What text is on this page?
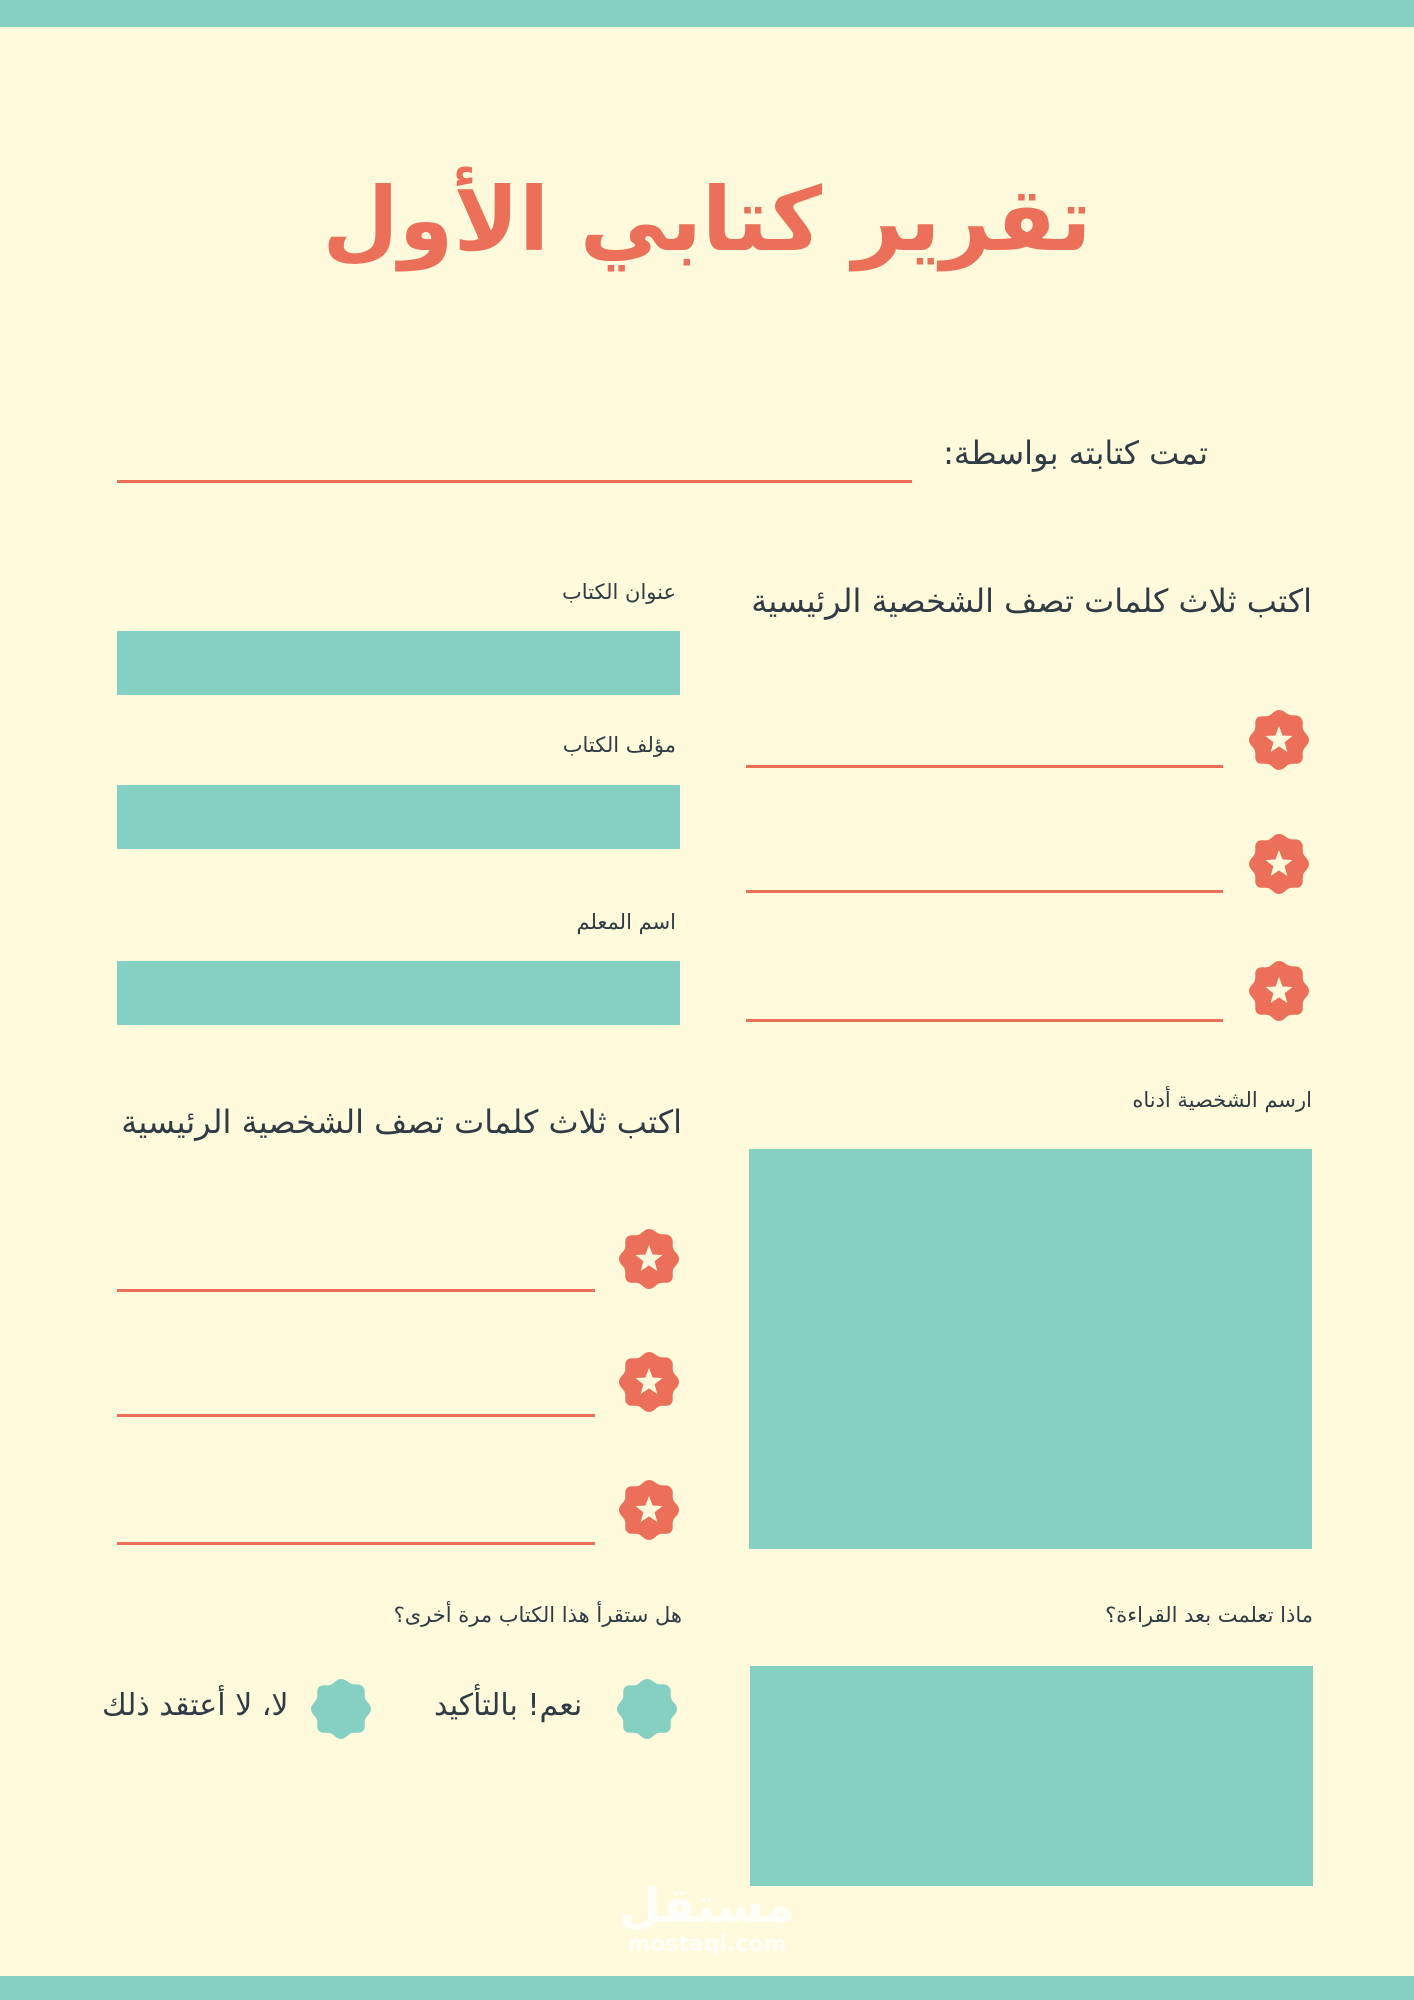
تقرير كتابي الأول
تمت كتابته بواسطة:
عنوان الكتاب
مؤلف الكتاب
اسم المعلم
اكتب ثلاث كلمات تصف الشخصية الرئيسية
اكتب ثلاث كلمات تصف الشخصية الرئيسية
ارسم الشخصية أدناه
هل ستقرأ هذا الكتاب مرة أخرى؟
نعم! بالتأكيد
لا، لا أعتقد ذلك
ماذا تعلمت بعد القراءة؟
مستقل
mostaql.com
